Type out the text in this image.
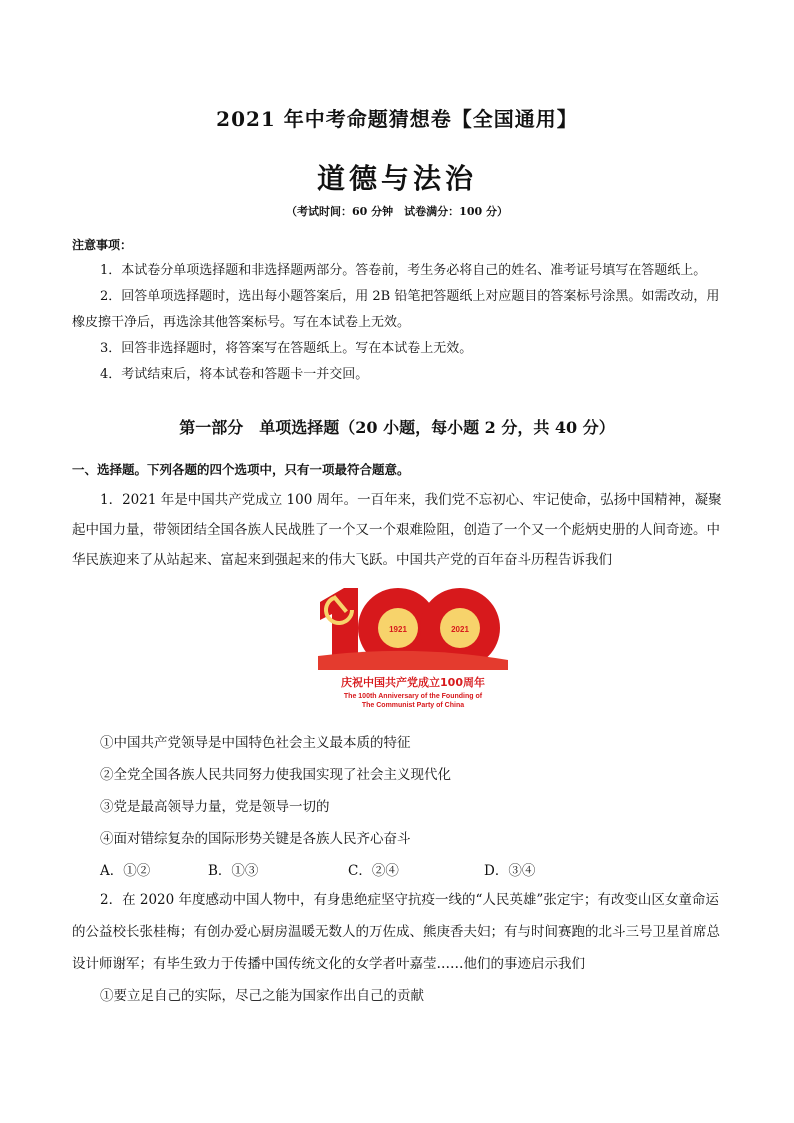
2021 年中考命题猜想卷【全国通用】
道德与法治
（考试时间：60 分钟　试卷满分：100 分）

注意事项：

1．本试卷分单项选择题和非选择题两部分。答卷前，考生务必将自己的姓名、准考证号填写在答题纸上。

2．回答单项选择题时，选出每小题答案后，用 2B 铅笔把答题纸上对应题目的答案标号涂黑。如需改动，用橡皮擦干净后，再选涂其他答案标号。写在本试卷上无效。

3．回答非选择题时，将答案写在答题纸上。写在本试卷上无效。

4．考试结束后，将本试卷和答题卡一并交回。

第一部分　单项选择题（20 小题，每小题 2 分，共 40 分）

一、选择题。下列各题的四个选项中，只有一项最符合题意。

1．2021 年是中国共产党成立 100 周年。一百年来，我们党不忘初心、牢记使命，弘扬中国精神，凝聚起中国力量，带领团结全国各族人民战胜了一个又一个艰难险阻，创造了一个又一个彪炳史册的人间奇迹。中华民族迎来了从站起来、富起来到强起来的伟大飞跃。中国共产党的百年奋斗历程告诉我们

1921	2021
庆祝中国共产党成立100周年
The 100th Anniversary of the Founding of
The Communist Party of China

①中国共产党领导是中国特色社会主义最本质的特征

②全党全国各族人民共同努力使我国实现了社会主义现代化

③党是最高领导力量，党是领导一切的

④面对错综复杂的国际形势关键是各族人民齐心奋斗

A．①②	B．①③	C．②④	D．③④

2．在 2020 年度感动中国人物中，有身患绝症坚守抗疫一线的“人民英雄”张定宇；有改变山区女童命运的公益校长张桂梅；有创办爱心厨房温暖无数人的万佐成、熊庚香夫妇；有与时间赛跑的北斗三号卫星首席总设计师谢军；有毕生致力于传播中国传统文化的女学者叶嘉莹……他们的事迹启示我们

①要立足自己的实际，尽己之能为国家作出自己的贡献
